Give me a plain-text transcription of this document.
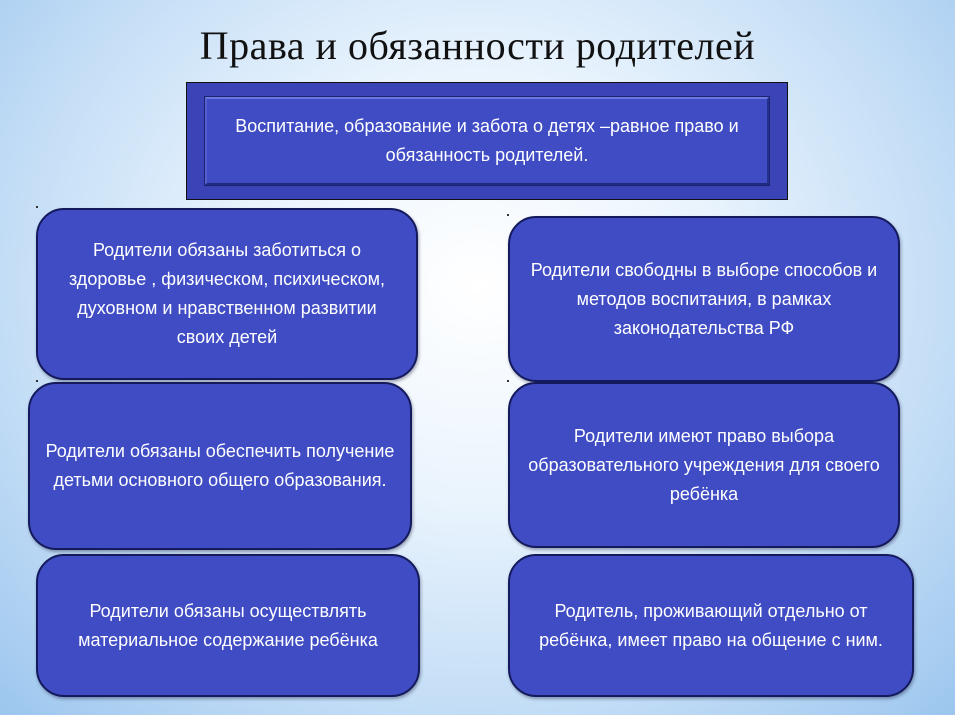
Права и обязанности родителей
Воспитание, образование и забота о детях –равное право и обязанность родителей.
Родители обязаны заботиться о здоровье , физическом, психическом, духовном и нравственном развитии своих детей
Родители обязаны обеспечить получение детьми основного общего образования.
Родители обязаны осуществлять материальное содержание ребёнка
Родители свободны в выборе способов и методов воспитания, в рамках законодательства РФ
Родители имеют право выбора образовательного учреждения для своего ребёнка
Родитель, проживающий отдельно от ребёнка, имеет право на общение с ним.
